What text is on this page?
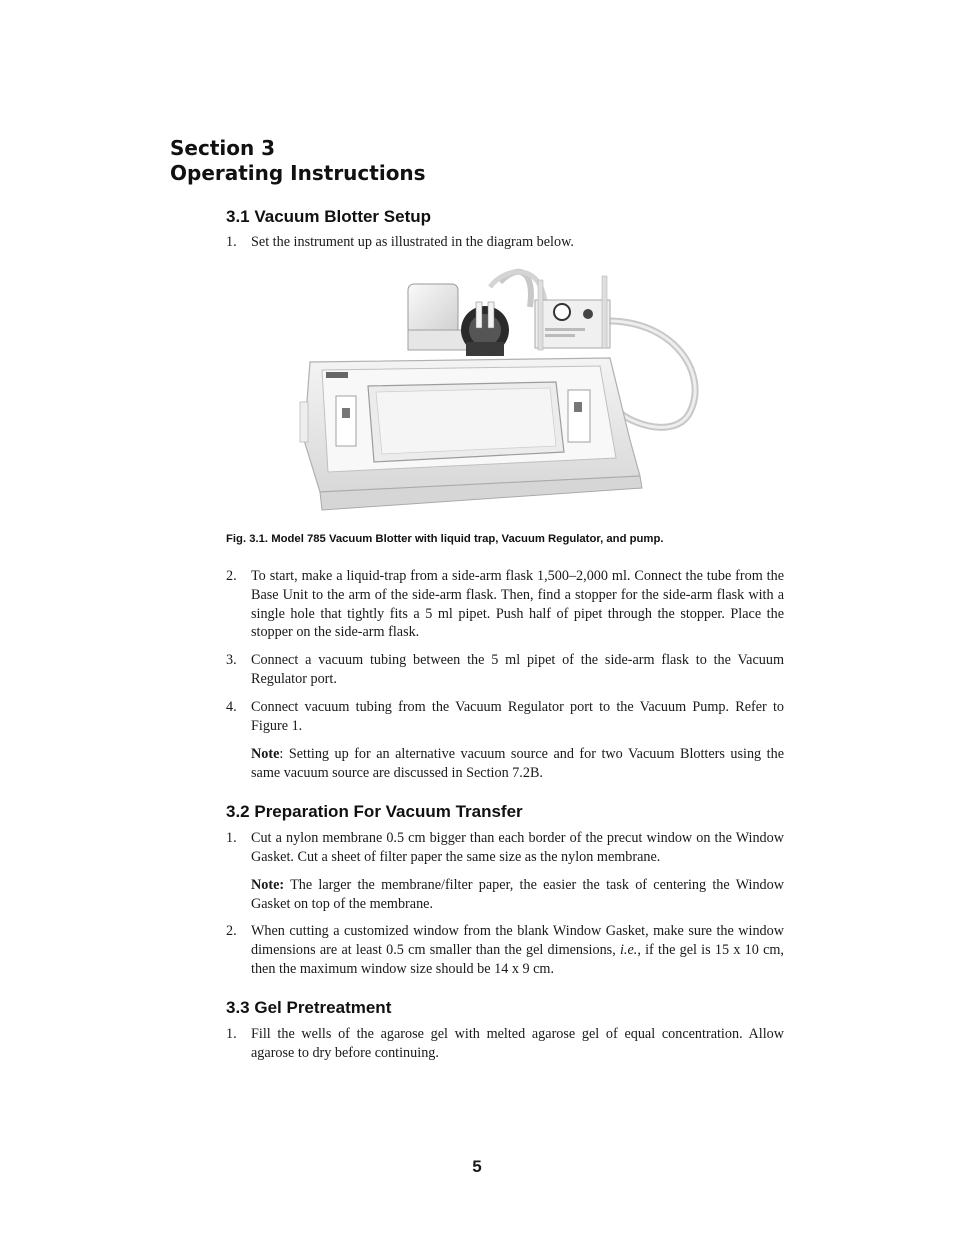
Section 3
Operating Instructions
3.1 Vacuum Blotter Setup
1. Set the instrument up as illustrated in the diagram below.
Fig. 3.1. Model 785 Vacuum Blotter with liquid trap, Vacuum Regulator, and pump.
2. To start, make a liquid-trap from a side-arm flask 1,500–2,000 ml. Connect the tube from the Base Unit to the arm of the side-arm flask. Then, find a stopper for the side-arm flask with a single hole that tightly fits a 5 ml pipet. Push half of pipet through the stopper. Place the stopper on the side-arm flask.
3. Connect a vacuum tubing between the 5 ml pipet of the side-arm flask to the Vacuum Regulator port.
4. Connect vacuum tubing from the Vacuum Regulator port to the Vacuum Pump. Refer to Figure 1.
Note: Setting up for an alternative vacuum source and for two Vacuum Blotters using the same vacuum source are discussed in Section 7.2B.
3.2 Preparation For Vacuum Transfer
1. Cut a nylon membrane 0.5 cm bigger than each border of the precut window on the Window Gasket. Cut a sheet of filter paper the same size as the nylon membrane.
Note: The larger the membrane/filter paper, the easier the task of centering the Window Gasket on top of the membrane.
2. When cutting a customized window from the blank Window Gasket, make sure the window dimensions are at least 0.5 cm smaller than the gel dimensions, i.e., if the gel is 15 x 10 cm, then the maximum window size should be 14 x 9 cm.
3.3 Gel Pretreatment
1. Fill the wells of the agarose gel with melted agarose gel of equal concentration. Allow agarose to dry before continuing.
5
